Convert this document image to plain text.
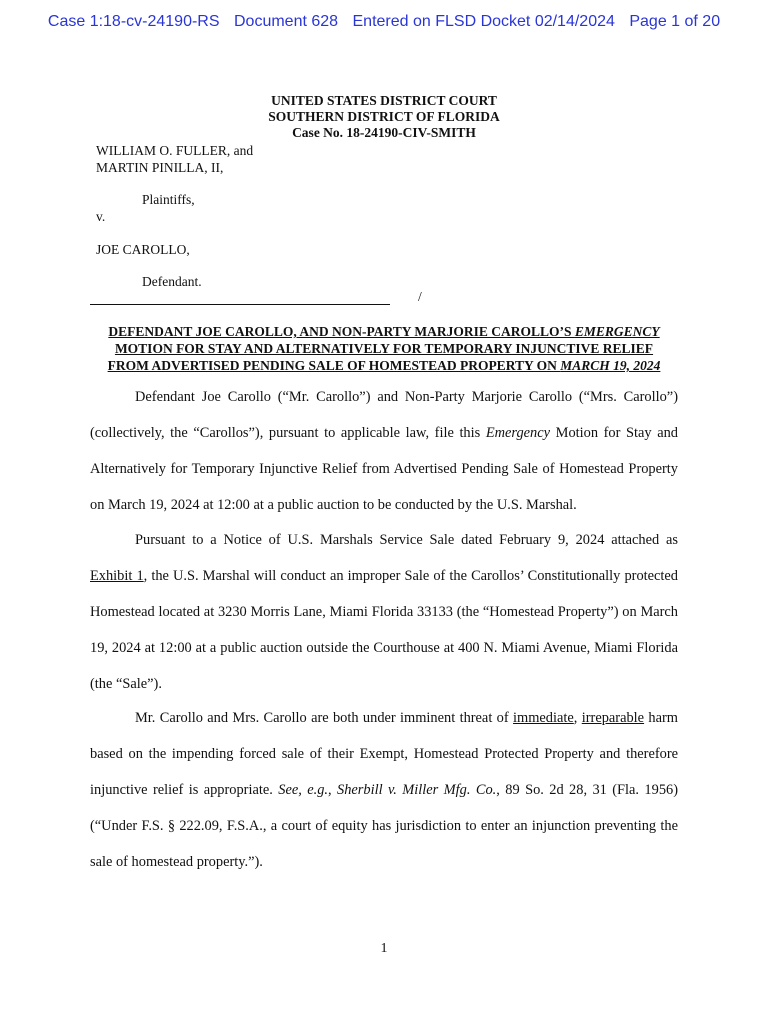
Case 1:18-cv-24190-RS Document 628 Entered on FLSD Docket 02/14/2024 Page 1 of 20
UNITED STATES DISTRICT COURT
SOUTHERN DISTRICT OF FLORIDA
Case No. 18-24190-CIV-SMITH
WILLIAM O. FULLER, and
MARTIN PINILLA, II,
Plaintiffs,
v.
JOE CAROLLO,
Defendant.
/
DEFENDANT JOE CAROLLO, AND NON-PARTY MARJORIE CAROLLO’S EMERGENCY
MOTION FOR STAY AND ALTERNATIVELY FOR TEMPORARY INJUNCTIVE RELIEF
FROM ADVERTISED PENDING SALE OF HOMESTEAD PROPERTY ON MARCH 19, 2024
Defendant Joe Carollo (“Mr. Carollo”) and Non-Party Marjorie Carollo (“Mrs. Carollo”) (collectively, the “Carollos”), pursuant to applicable law, file this Emergency Motion for Stay and Alternatively for Temporary Injunctive Relief from Advertised Pending Sale of Homestead Property on March 19, 2024 at 12:00 at a public auction to be conducted by the U.S. Marshal.
Pursuant to a Notice of U.S. Marshals Service Sale dated February 9, 2024 attached as Exhibit 1, the U.S. Marshal will conduct an improper Sale of the Carollos’ Constitutionally protected Homestead located at 3230 Morris Lane, Miami Florida 33133 (the “Homestead Property”) on March 19, 2024 at 12:00 at a public auction outside the Courthouse at 400 N. Miami Avenue, Miami Florida (the “Sale”).
Mr. Carollo and Mrs. Carollo are both under imminent threat of immediate, irreparable harm based on the impending forced sale of their Exempt, Homestead Protected Property and therefore injunctive relief is appropriate. See, e.g., Sherbill v. Miller Mfg. Co., 89 So. 2d 28, 31 (Fla. 1956) (“Under F.S. § 222.09, F.S.A., a court of equity has jurisdiction to enter an injunction preventing the sale of homestead property.”).
1
